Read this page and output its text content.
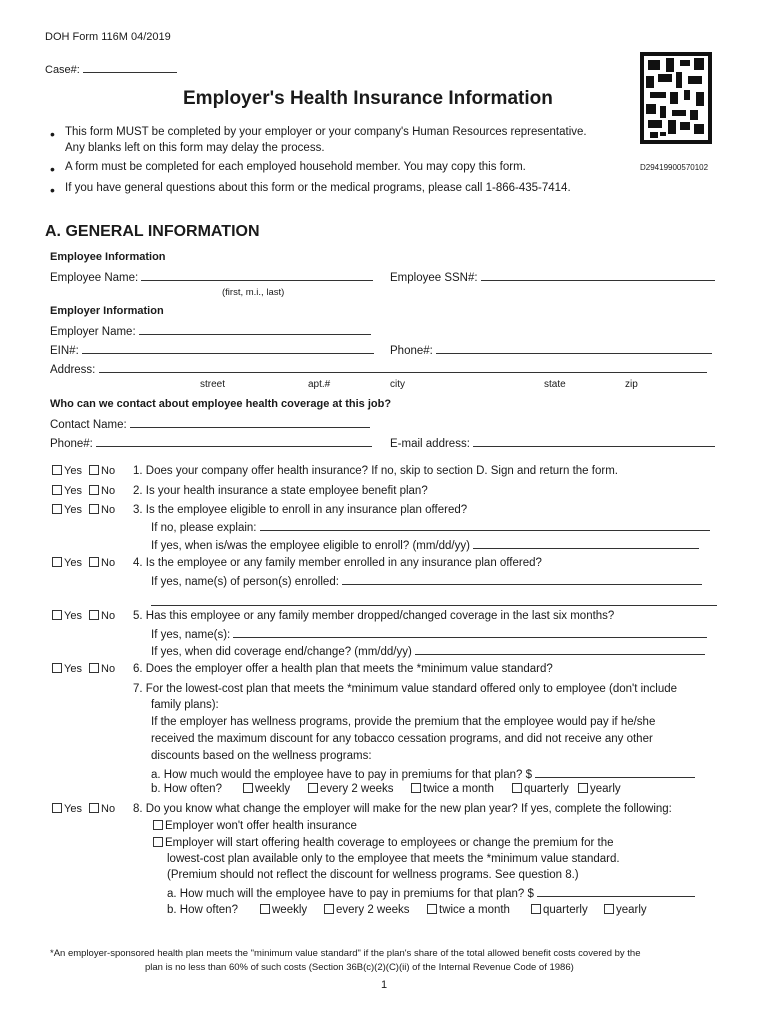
DOH Form 116M 04/2019
Case#:
Employer's Health Insurance Information
D29419900570102
• This form MUST be completed by your employer or your company's Human Resources representative.
Any blanks left on this form may delay the process.
• A form must be completed for each employed household member. You may copy this form.
• If you have general questions about this form or the medical programs, please call 1-866-435-7414.
A. GENERAL INFORMATION
Employee Information
Employee Name:
(first, m.i., last)
Employee SSN#:
Employer Information
Employer Name:
EIN#:	Phone#:
Address:
street	apt.#	city	state	zip
Who can we contact about employee health coverage at this job?
Contact Name:
Phone#:	E-mail address:
Yes	No 1. Does your company offer health insurance? If no, skip to section D. Sign and return the form.
Yes	No 2. Is your health insurance a state employee benefit plan?
Yes	No 3. Is the employee eligible to enroll in any insurance plan offered?
If no, please explain:
If yes, when is/was the employee eligible to enroll? (mm/dd/yy)
Yes	No 4. Is the employee or any family member enrolled in any insurance plan offered?
If yes, name(s) of person(s) enrolled:
Yes	No 5. Has this employee or any family member dropped/changed coverage in the last six months?
If yes, name(s):
If yes, when did coverage end/change? (mm/dd/yy)
Yes	No 6. Does the employer offer a health plan that meets the *minimum value standard?
7. For the lowest-cost plan that meets the *minimum value standard offered only to employee (don't include
family plans):
If the employer has wellness programs, provide the premium that the employee would pay if he/she
received the maximum discount for any tobacco cessation programs, and did not receive any other
discounts based on the wellness programs:
a. How much would the employee have to pay in premiums for that plan? $
b. How often?	weekly	every 2 weeks	twice a month	quarterly	yearly
Yes	No 8. Do you know what change the employer will make for the new plan year? If yes, complete the following:
Employer won't offer health insurance
Employer will start offering health coverage to employees or change the premium for the
lowest-cost plan available only to the employee that meets the *minimum value standard.
(Premium should not reflect the discount for wellness programs. See question 8.)
a. How much will the employee have to pay in premiums for that plan? $
b. How often?	weekly	every 2 weeks	twice a month	quarterly	yearly
*An employer-sponsored health plan meets the "minimum value standard" if the plan's share of the total allowed benefit costs covered by the
plan is no less than 60% of such costs (Section 36B(c)(2)(C)(ii) of the Internal Revenue Code of 1986)
1
